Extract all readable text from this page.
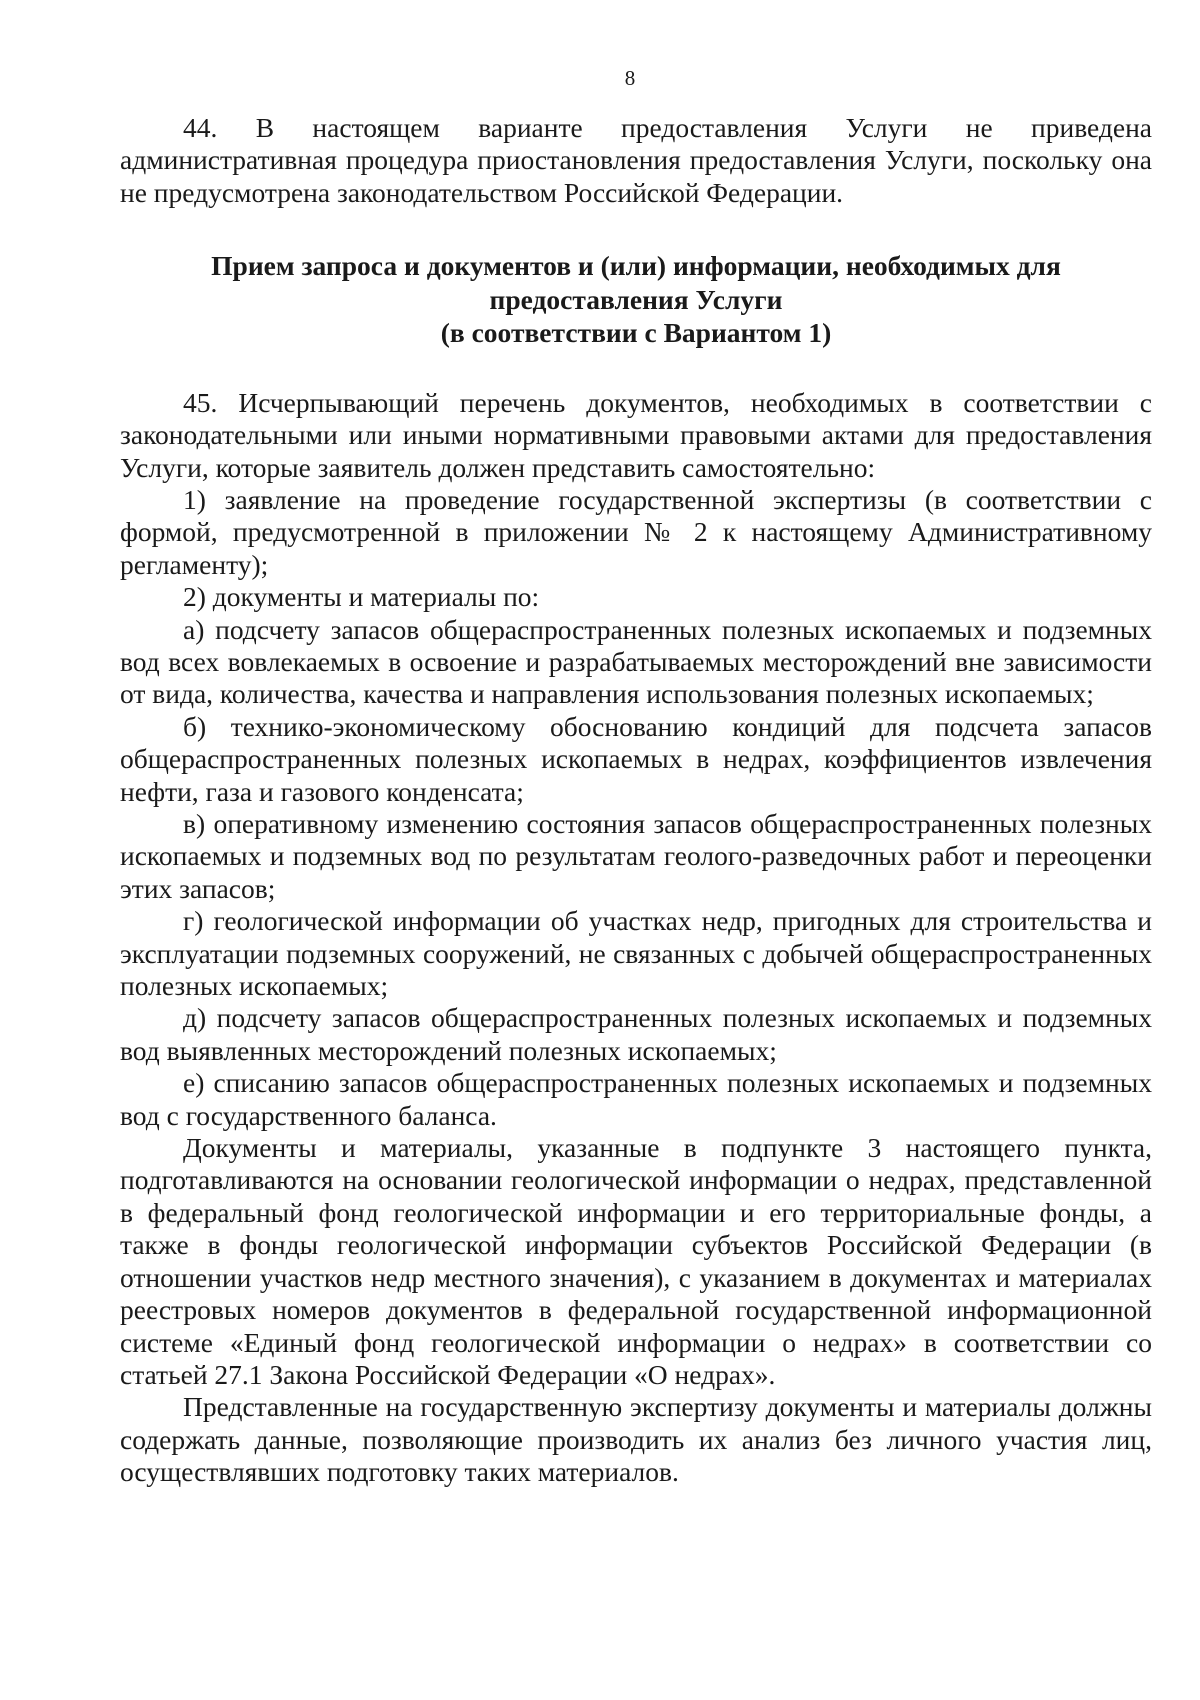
8

44. В настоящем варианте предоставления Услуги не приведена административная процедура приостановления предоставления Услуги, поскольку она не предусмотрена законодательством Российской Федерации.

Прием запроса и документов и (или) информации, необходимых для
предоставления Услуги
(в соответствии с Вариантом 1)

45. Исчерпывающий перечень документов, необходимых в соответствии с законодательными или иными нормативными правовыми актами для предоставления Услуги, которые заявитель должен представить самостоятельно:

1) заявление на проведение государственной экспертизы (в соответствии с формой, предусмотренной в приложении № 2 к настоящему Административному регламенту);

2) документы и материалы по:

а) подсчету запасов общераспространенных полезных ископаемых и подземных вод всех вовлекаемых в освоение и разрабатываемых месторождений вне зависимости от вида, количества, качества и направления использования полезных ископаемых;

б) технико-экономическому обоснованию кондиций для подсчета запасов общераспространенных полезных ископаемых в недрах, коэффициентов извлечения нефти, газа и газового конденсата;

в) оперативному изменению состояния запасов общераспространенных полезных ископаемых и подземных вод по результатам геолого-разведочных работ и переоценки этих запасов;

г) геологической информации об участках недр, пригодных для строительства и эксплуатации подземных сооружений, не связанных с добычей общераспространенных полезных ископаемых;

д) подсчету запасов общераспространенных полезных ископаемых и подземных вод выявленных месторождений полезных ископаемых;

е) списанию запасов общераспространенных полезных ископаемых и подземных вод с государственного баланса.

Документы и материалы, указанные в подпункте 3 настоящего пункта, подготавливаются на основании геологической информации о недрах, представленной в федеральный фонд геологической информации и его территориальные фонды, а также в фонды геологической информации субъектов Российской Федерации (в отношении участков недр местного значения), с указанием в документах и материалах реестровых номеров документов в федеральной государственной информационной системе «Единый фонд геологической информации о недрах» в соответствии со статьей 27.1 Закона Российской Федерации «О недрах».

Представленные на государственную экспертизу документы и материалы должны содержать данные, позволяющие производить их анализ без личного участия лиц, осуществлявших подготовку таких материалов.
